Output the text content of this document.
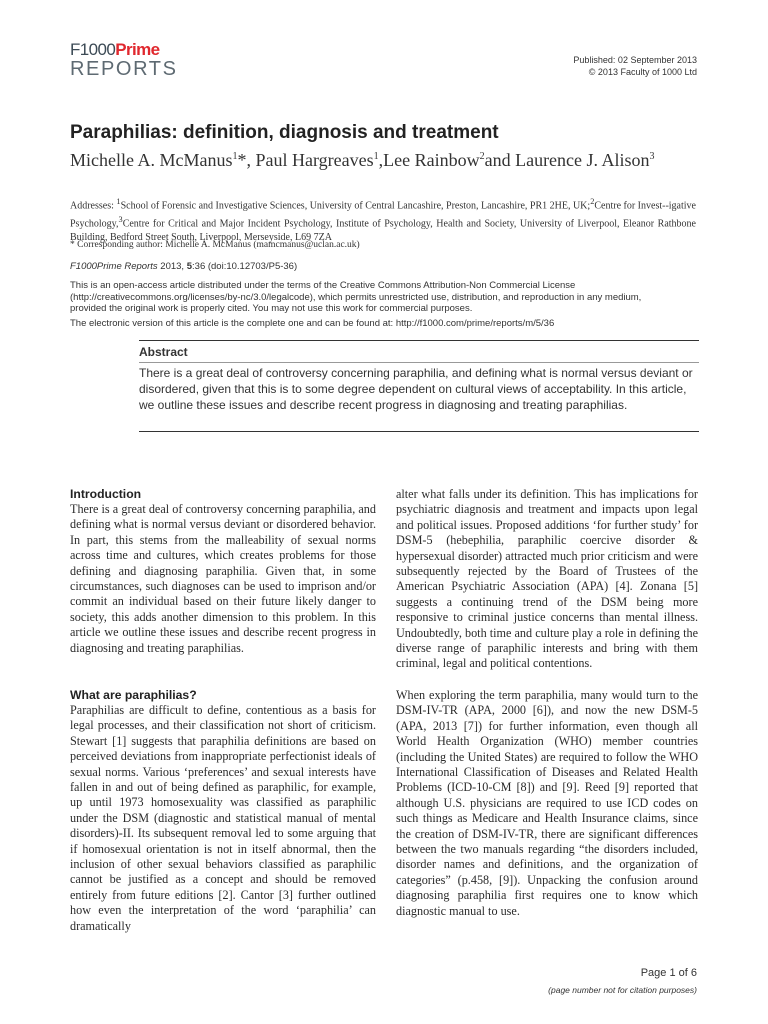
F1000Prime
REPORTS	Published: 02 September 2013
© 2013 Faculty of 1000 Ltd
Paraphilias: definition, diagnosis and treatment
Michelle A. McManus$^1$*, Paul Hargreaves$^1$,Lee Rainbow$^2$and Laurence J. Alison$^3$
Addresses: $^1$School of Forensic and Investigative Sciences, University of Central Lancashire, Preston, Lancashire, PR1 2HE, UK;$^2$Centre for Invest--igative Psychology,$^3$Centre for Critical and Major Incident Psychology, Institute of Psychology, Health and Society, University of Liverpool, Eleanor Rathbone Building, Bedford Street South, Liverpool, Merseyside, L69 7ZA
* Corresponding author: Michelle A. McManus (mamcmanus@uclan.ac.uk)
F1000Prime Reports 2013, 5:36 (doi:10.12703/P5-36)
This is an open-access article distributed under the terms of the Creative Commons Attribution-Non Commercial License (http://creativecommons.org/licenses/by-nc/3.0/legalcode), which permits unrestricted use, distribution, and reproduction in any medium, provided the original work is properly cited. You may not use this work for commercial purposes.
The electronic version of this article is the complete one and can be found at: http://f1000.com/prime/reports/m/5/36
Abstract
There is a great deal of controversy concerning paraphilia, and defining what is normal versus deviant or disordered, given that this is to some degree dependent on cultural views of acceptability. In this article, we outline these issues and describe recent progress in diagnosing and treating paraphilias.
Introduction

There is a great deal of controversy concerning paraphilia, and defining what is normal versus deviant or disordered behavior. In part, this stems from the malleability of sexual norms across time and cultures, which creates problems for those defining and diagnosing paraphilia. Given that, in some circumstances, such diagnoses can be used to imprison and/or commit an individual based on their future likely danger to society, this adds another dimension to this problem. In this article we outline these issues and describe recent progress in diagnosing and treating paraphilias.

What are paraphilias?

Paraphilias are difficult to define, contentious as a basis for legal processes, and their classification not short of criticism. Stewart [1] suggests that paraphilia definitions are based on perceived deviations from inappropriate perfectionist ideals of sexual norms. Various ‘preferences’ and sexual interests have fallen in and out of being defined as paraphilic, for example, up until 1973 homosexuality was classified as paraphilic under the DSM (diagnostic and statistical manual of mental disorders)-II. Its subsequent removal led to some arguing that if homosexual orientation is not in itself abnormal, then the inclusion of other sexual behaviors classified as paraphilic cannot be justified as a concept and should be removed entirely from future editions [2]. Cantor [3] further outlined how even the interpretation of the word ‘paraphilia’ can dramatically

alter what falls under its definition. This has implications for psychiatric diagnosis and treatment and impacts upon legal and political issues. Proposed additions ‘for further study’ for DSM-5 (hebephilia, paraphilic coercive disorder & hypersexual disorder) attracted much prior criticism and were subsequently rejected by the Board of Trustees of the American Psychiatric Association (APA) [4]. Zonana [5] suggests a continuing trend of the DSM being more responsive to criminal justice concerns than mental illness. Undoubtedly, both time and culture play a role in defining the diverse range of paraphilic interests and bring with them criminal, legal and political contentions.

When exploring the term paraphilia, many would turn to the DSM-IV-TR (APA, 2000 [6]), and now the new DSM-5 (APA, 2013 [7]) for further information, even though all World Health Organization (WHO) member countries (including the United States) are required to follow the WHO International Classification of Diseases and Related Health Problems (ICD-10-CM [8]) and [9]. Reed [9] reported that although U.S. physicians are required to use ICD codes on such things as Medicare and Health Insurance claims, since the creation of DSM-IV-TR, there are significant differences between the two manuals regarding “the disorders included, disorder names and definitions, and the organization of categories” (p.458, [9]). Unpacking the confusion around diagnosing paraphilia first requires one to know which diagnostic manual to use.

Page 1 of 6
(page number not for citation purposes)
